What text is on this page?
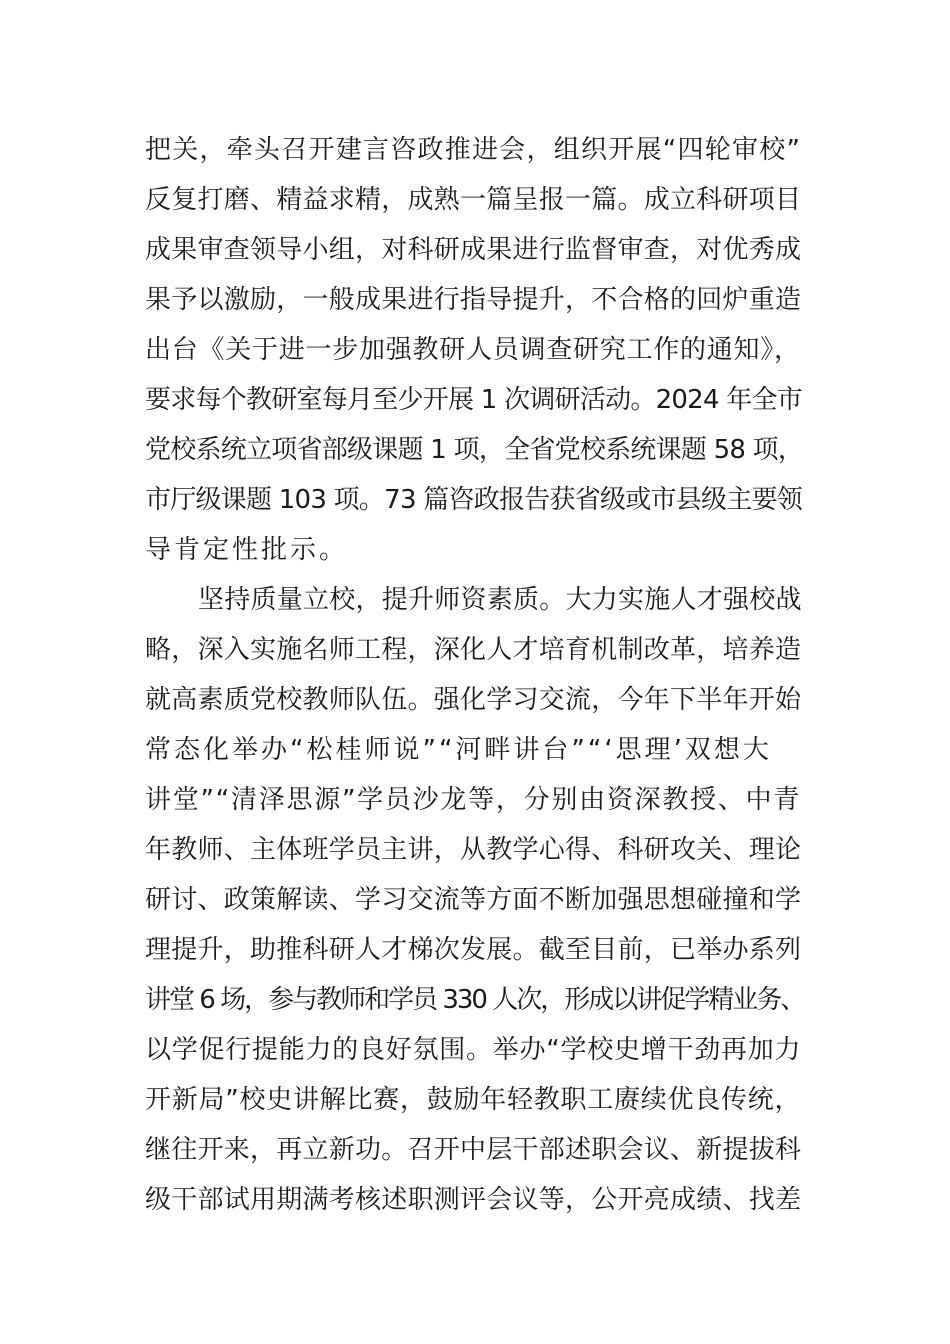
把关，牵头召开建言咨政推进会，组织开展“四轮审校”
反复打磨、精益求精，成熟一篇呈报一篇。成立科研项目
成果审查领导小组，对科研成果进行监督审查，对优秀成
果予以激励，一般成果进行指导提升，不合格的回炉重造
出台《关于进一步加强教研人员调查研究工作的通知》，
要求每个教研室每月至少开展 1 次调研活动。2024 年全市
党校系统立项省部级课题 1 项，全省党校系统课题 58 项，
市厅级课题 103 项。73 篇咨政报告获省级或市县级主要领
导肯定性批示。
坚持质量立校，提升师资素质。大力实施人才强校战
略，深入实施名师工程，深化人才培育机制改革，培养造
就高素质党校教师队伍。强化学习交流，今年下半年开始
常态化举办“松桂师说”“河畔讲台”“‘思理’双想大
讲堂”“清泽思源”学员沙龙等，分别由资深教授、中青
年教师、主体班学员主讲，从教学心得、科研攻关、理论
研讨、政策解读、学习交流等方面不断加强思想碰撞和学
理提升，助推科研人才梯次发展。截至目前，已举办系列
讲堂 6 场，参与教师和学员 330 人次，形成以讲促学精业务、
以学促行提能力的良好氛围。举办“学校史增干劲再加力
开新局”校史讲解比赛，鼓励年轻教职工赓续优良传统，
继往开来，再立新功。召开中层干部述职会议、新提拔科
级干部试用期满考核述职测评会议等，公开亮成绩、找差
